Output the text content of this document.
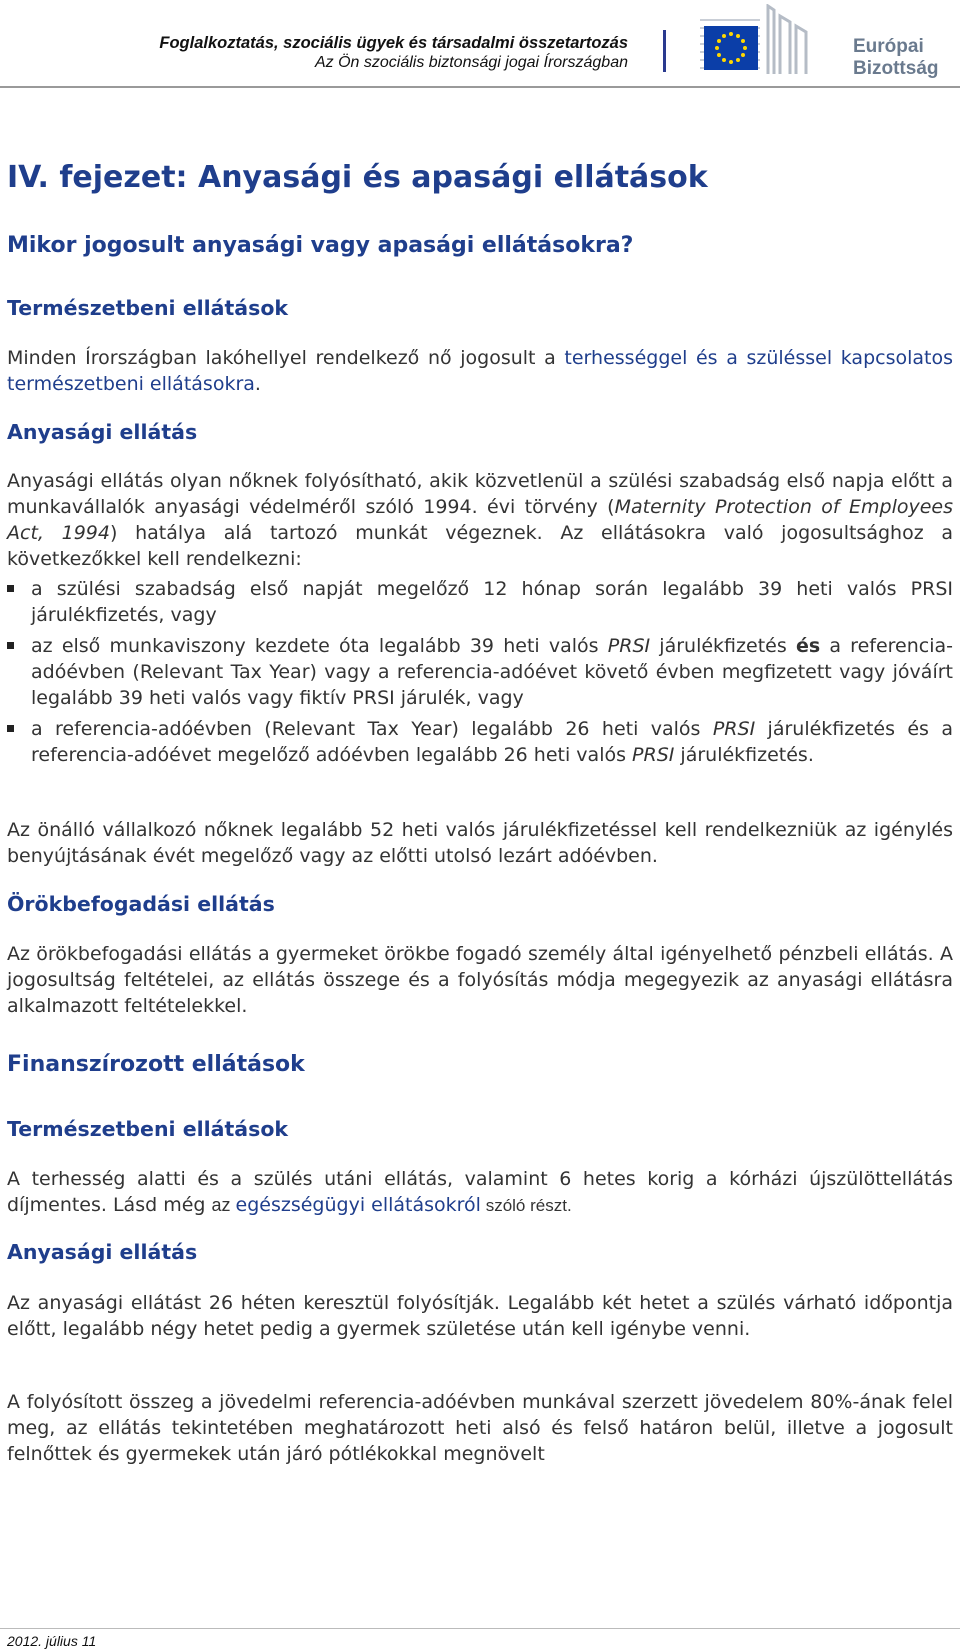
Foglalkoztatás, szociális ügyek és társadalmi összetartozás
Az Ön szociális biztonsági jogai Írországban
Európai
Bizottság
IV. fejezet: Anyasági és apasági ellátások
Mikor jogosult anyasági vagy apasági ellátásokra?
Természetbeni ellátások
Minden Írországban lakóhellyel rendelkező nő jogosult a terhességgel és a szüléssel kapcsolatos természetbeni ellátásokra.
Anyasági ellátás
Anyasági ellátás olyan nőknek folyósítható, akik közvetlenül a szülési szabadság első napja előtt a munkavállalók anyasági védelméről szóló 1994. évi törvény (Maternity Protection of Employees Act, 1994) hatálya alá tartozó munkát végeznek. Az ellátásokra való jogosultsághoz a következőkkel kell rendelkezni:
a szülési szabadság első napját megelőző 12 hónap során legalább 39 heti valós PRSI járulékfizetés, vagy
az első munkaviszony kezdete óta legalább 39 heti valós PRSI járulékfizetés és a referencia-adóévben (Relevant Tax Year) vagy a referencia-adóévet követő évben megfizetett vagy jóváírt legalább 39 heti valós vagy fiktív PRSI járulék, vagy
a referencia-adóévben (Relevant Tax Year) legalább 26 heti valós PRSI járulékfizetés és a referencia-adóévet megelőző adóévben legalább 26 heti valós PRSI járulékfizetés.
Az önálló vállalkozó nőknek legalább 52 heti valós járulékfizetéssel kell rendelkezniük az igénylés benyújtásának évét megelőző vagy az előtti utolsó lezárt adóévben.
Örökbefogadási ellátás
Az örökbefogadási ellátás a gyermeket örökbe fogadó személy által igényelhető pénzbeli ellátás. A jogosultság feltételei, az ellátás összege és a folyósítás módja megegyezik az anyasági ellátásra alkalmazott feltételekkel.
Finanszírozott ellátások
Természetbeni ellátások
A terhesség alatti és a szülés utáni ellátás, valamint 6 hetes korig a kórházi újszülöttellátás díjmentes. Lásd még az egészségügyi ellátásokról szóló részt.
Anyasági ellátás
Az anyasági ellátást 26 héten keresztül folyósítják. Legalább két hetet a szülés várható időpontja előtt, legalább négy hetet pedig a gyermek születése után kell igénybe venni.
A folyósított összeg a jövedelmi referencia-adóévben munkával szerzett jövedelem 80%-ának felel meg, az ellátás tekintetében meghatározott heti alsó és felső határon belül, illetve a jogosult felnőttek és gyermekek után járó pótlékokkal megnövelt
2012. július 11
